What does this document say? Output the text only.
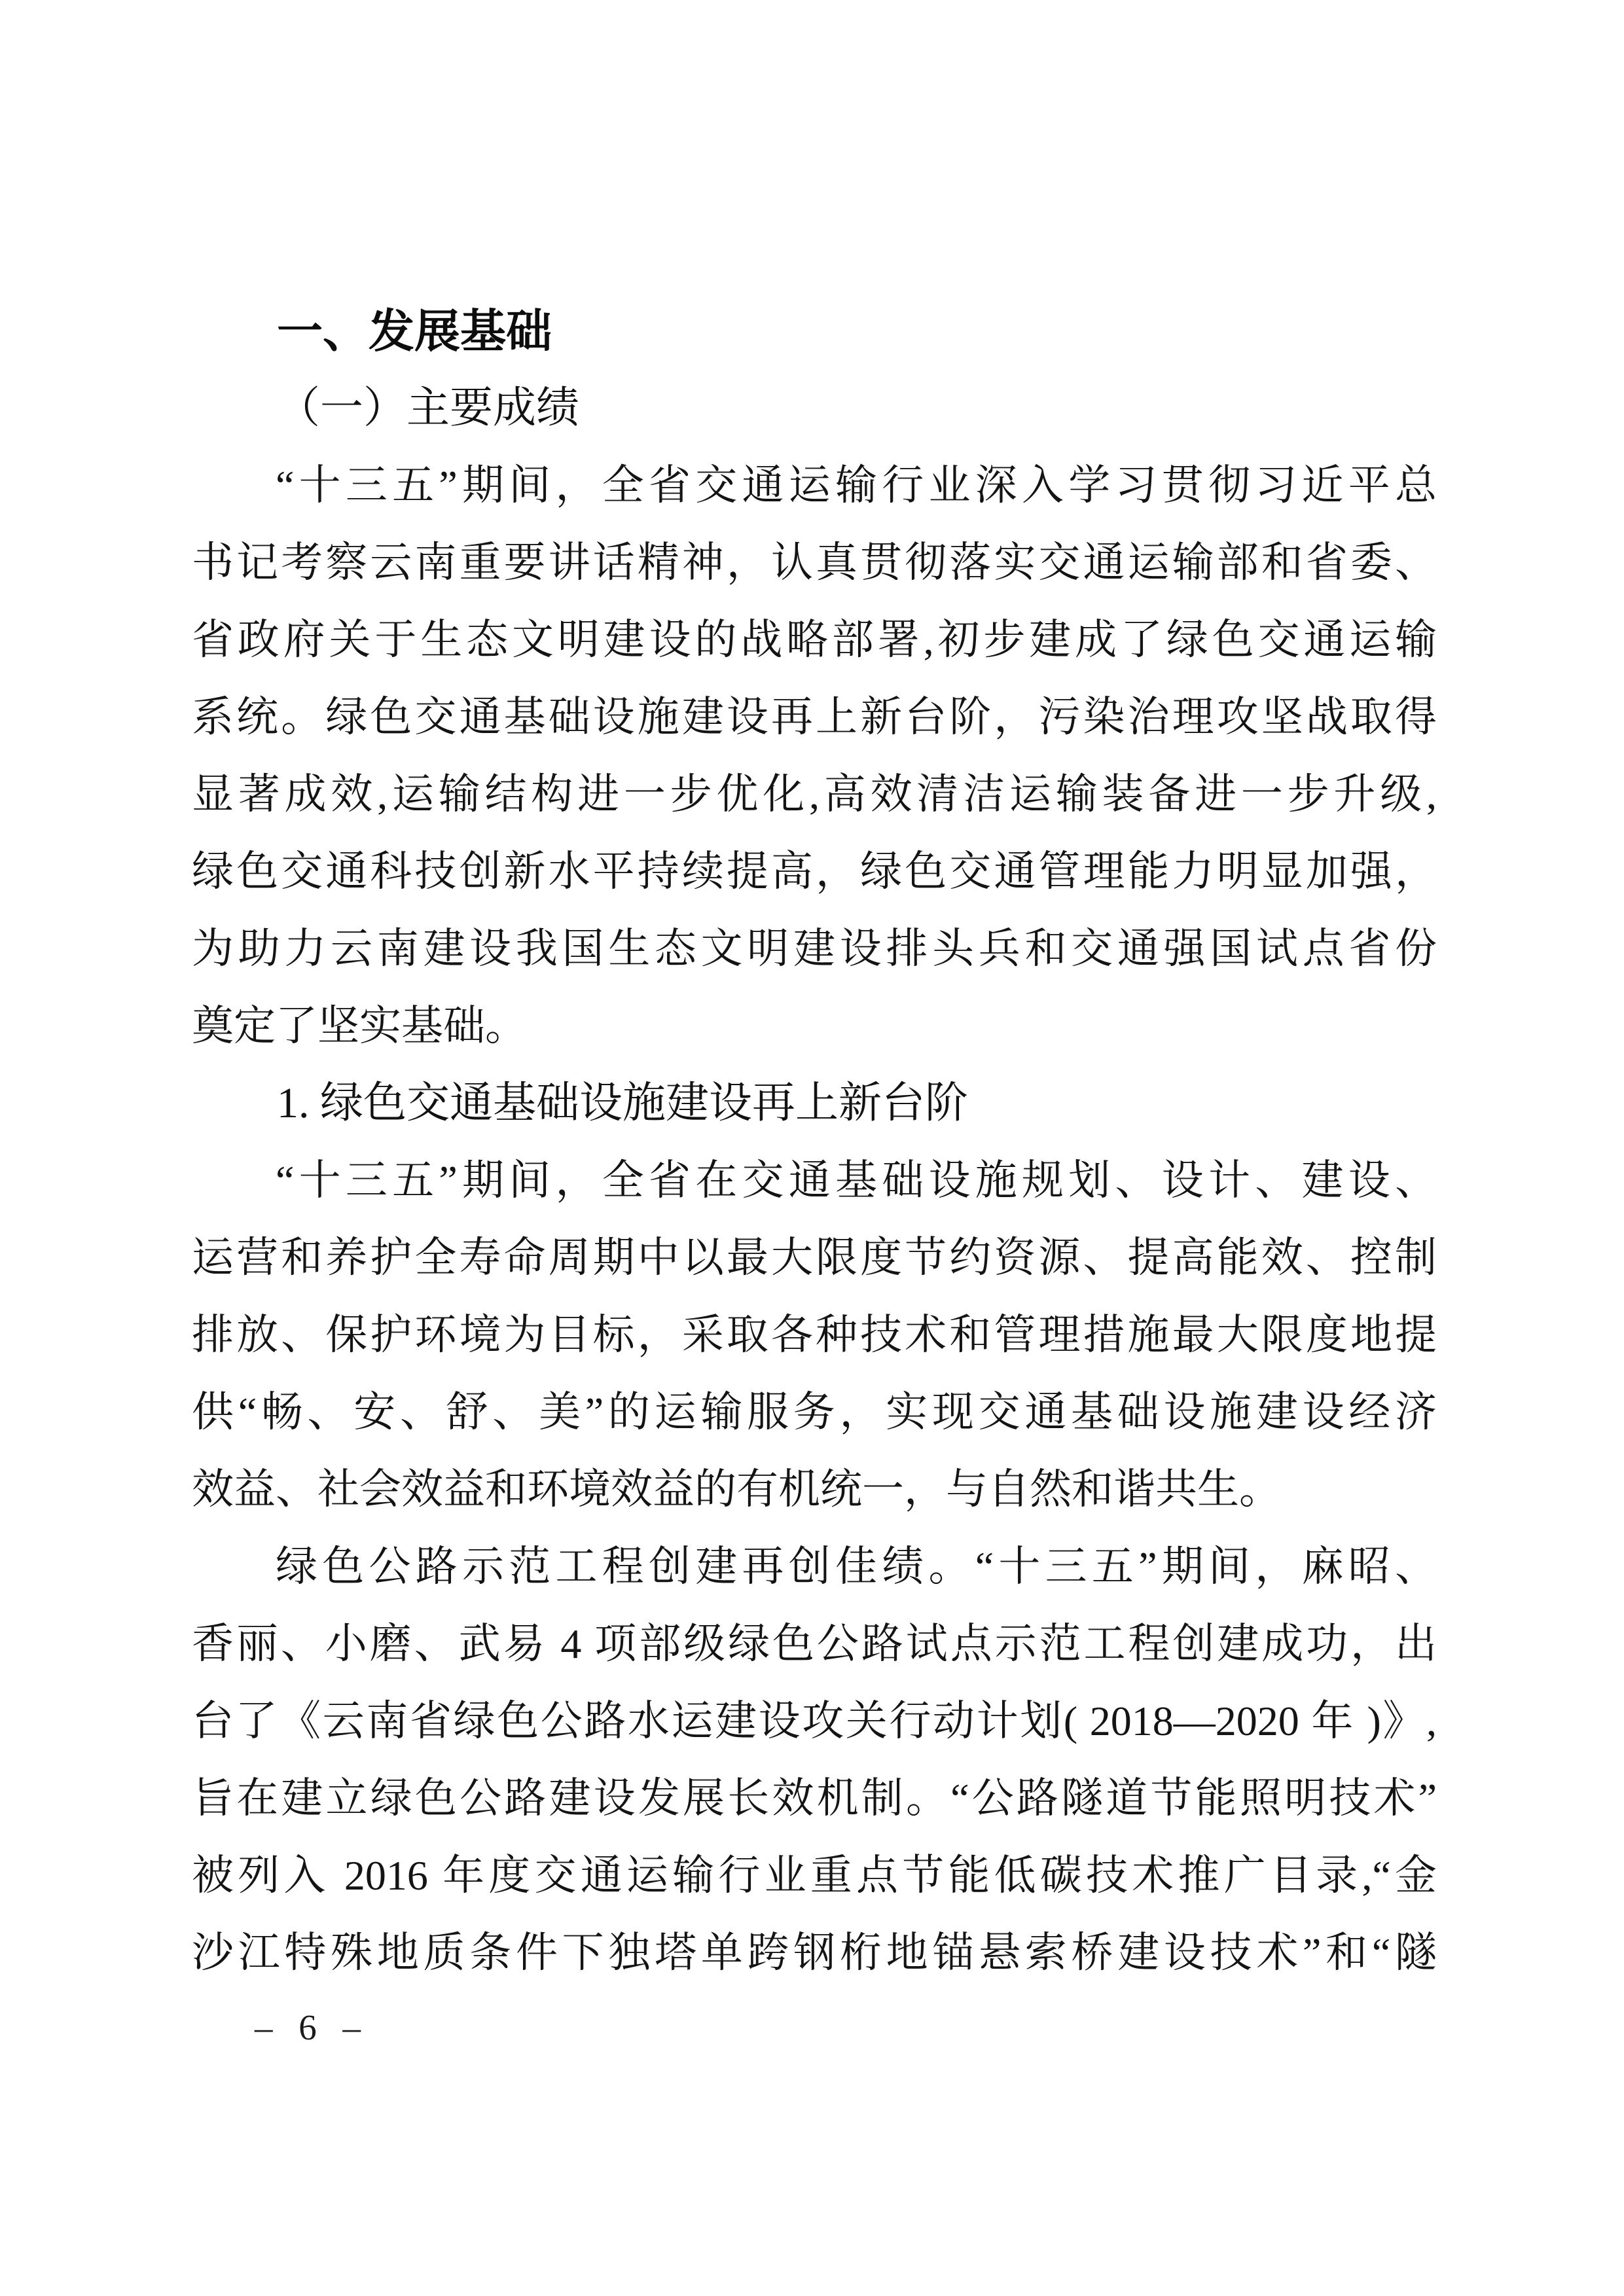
一、发展基础
（一）主要成绩
“十三五”期间，全省交通运输行业深入学习贯彻习近平总
书记考察云南重要讲话精神，认真贯彻落实交通运输部和省委、
省政府关于生态文明建设的战略部署,初步建成了绿色交通运输
系统。绿色交通基础设施建设再上新台阶，污染治理攻坚战取得
显著成效,运输结构进一步优化,高效清洁运输装备进一步升级,
绿色交通科技创新水平持续提高，绿色交通管理能力明显加强，
为助力云南建设我国生态文明建设排头兵和交通强国试点省份
奠定了坚实基础。
1. 绿色交通基础设施建设再上新台阶
“十三五”期间，全省在交通基础设施规划、设计、建设、
运营和养护全寿命周期中以最大限度节约资源、提高能效、控制
排放、保护环境为目标，采取各种技术和管理措施最大限度地提
供“畅、安、舒、美”的运输服务，实现交通基础设施建设经济
效益、社会效益和环境效益的有机统一，与自然和谐共生。
绿色公路示范工程创建再创佳绩。“十三五”期间，麻昭、
香丽、小磨、武易 4 项部级绿色公路试点示范工程创建成功，出
台了《云南省绿色公路水运建设攻关行动计划( 2018—2020 年 )》,
旨在建立绿色公路建设发展长效机制。“公路隧道节能照明技术”
被列入 2016 年度交通运输行业重点节能低碳技术推广目录,“金
沙江特殊地质条件下独塔单跨钢桁地锚悬索桥建设技术”和“隧
– 6 –
